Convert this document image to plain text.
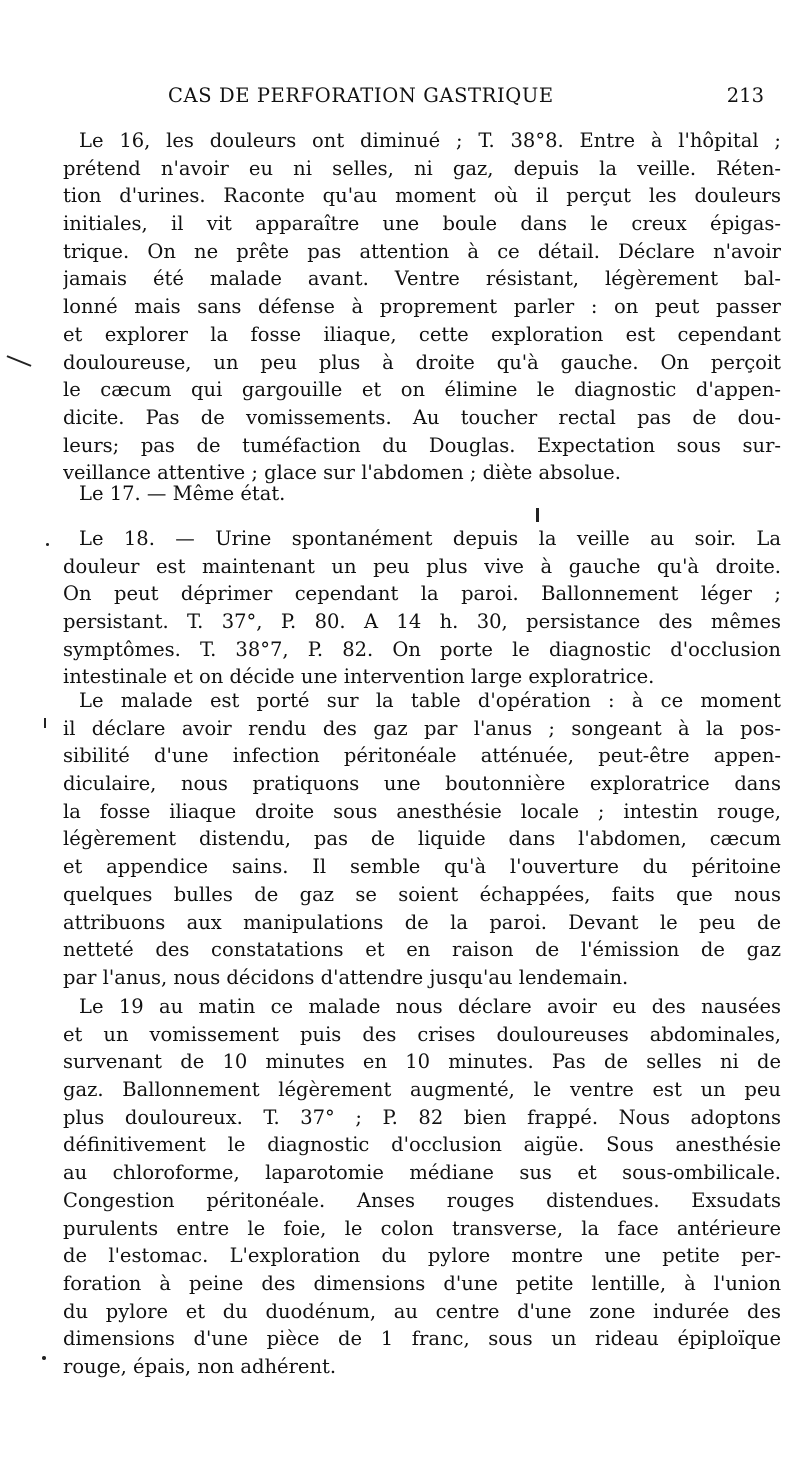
CAS DE PERFORATION GASTRIQUE	213
Le 16, les douleurs ont diminué ; T. 38°8. Entre à l'hôpital ;
prétend n'avoir eu ni selles, ni gaz, depuis la veille. Réten-
tion d'urines. Raconte qu'au moment où il perçut les douleurs
initiales, il vit apparaître une boule dans le creux épigas-
trique. On ne prête pas attention à ce détail. Déclare n'avoir
jamais été malade avant. Ventre résistant, légèrement bal-
lonné mais sans défense à proprement parler : on peut passer
et explorer la fosse iliaque, cette exploration est cependant
douloureuse, un peu plus à droite qu'à gauche. On perçoit
le cæcum qui gargouille et on élimine le diagnostic d'appen-
dicite. Pas de vomissements. Au toucher rectal pas de dou-
leurs; pas de tuméfaction du Douglas. Expectation sous sur-
veillance attentive ; glace sur l'abdomen ; diète absolue.
Le 17. — Même état.
Le 18. — Urine spontanément depuis la veille au soir. La
douleur est maintenant un peu plus vive à gauche qu'à droite.
On peut déprimer cependant la paroi. Ballonnement léger ;
persistant. T. 37°, P. 80. A 14 h. 30, persistance des mêmes
symptômes. T. 38°7, P. 82. On porte le diagnostic d'occlusion
intestinale et on décide une intervention large exploratrice.
Le malade est porté sur la table d'opération : à ce moment
il déclare avoir rendu des gaz par l'anus ; songeant à la pos-
sibilité d'une infection péritonéale atténuée, peut-être appen-
diculaire, nous pratiquons une boutonnière exploratrice dans
la fosse iliaque droite sous anesthésie locale ; intestin rouge,
légèrement distendu, pas de liquide dans l'abdomen, cæcum
et appendice sains. Il semble qu'à l'ouverture du péritoine
quelques bulles de gaz se soient échappées, faits que nous
attribuons aux manipulations de la paroi. Devant le peu de
netteté des constatations et en raison de l'émission de gaz
par l'anus, nous décidons d'attendre jusqu'au lendemain.
Le 19 au matin ce malade nous déclare avoir eu des nausées
et un vomissement puis des crises douloureuses abdominales,
survenant de 10 minutes en 10 minutes. Pas de selles ni de
gaz. Ballonnement légèrement augmenté, le ventre est un peu
plus douloureux. T. 37° ; P. 82 bien frappé. Nous adoptons
définitivement le diagnostic d'occlusion aigüe. Sous anesthésie
au chloroforme, laparotomie médiane sus et sous-ombilicale.
Congestion péritonéale. Anses rouges distendues. Exsudats
purulents entre le foie, le colon transverse, la face antérieure
de l'estomac. L'exploration du pylore montre une petite per-
foration à peine des dimensions d'une petite lentille, à l'union
du pylore et du duodénum, au centre d'une zone indurée des
dimensions d'une pièce de 1 franc, sous un rideau épiploïque
rouge, épais, non adhérent.
